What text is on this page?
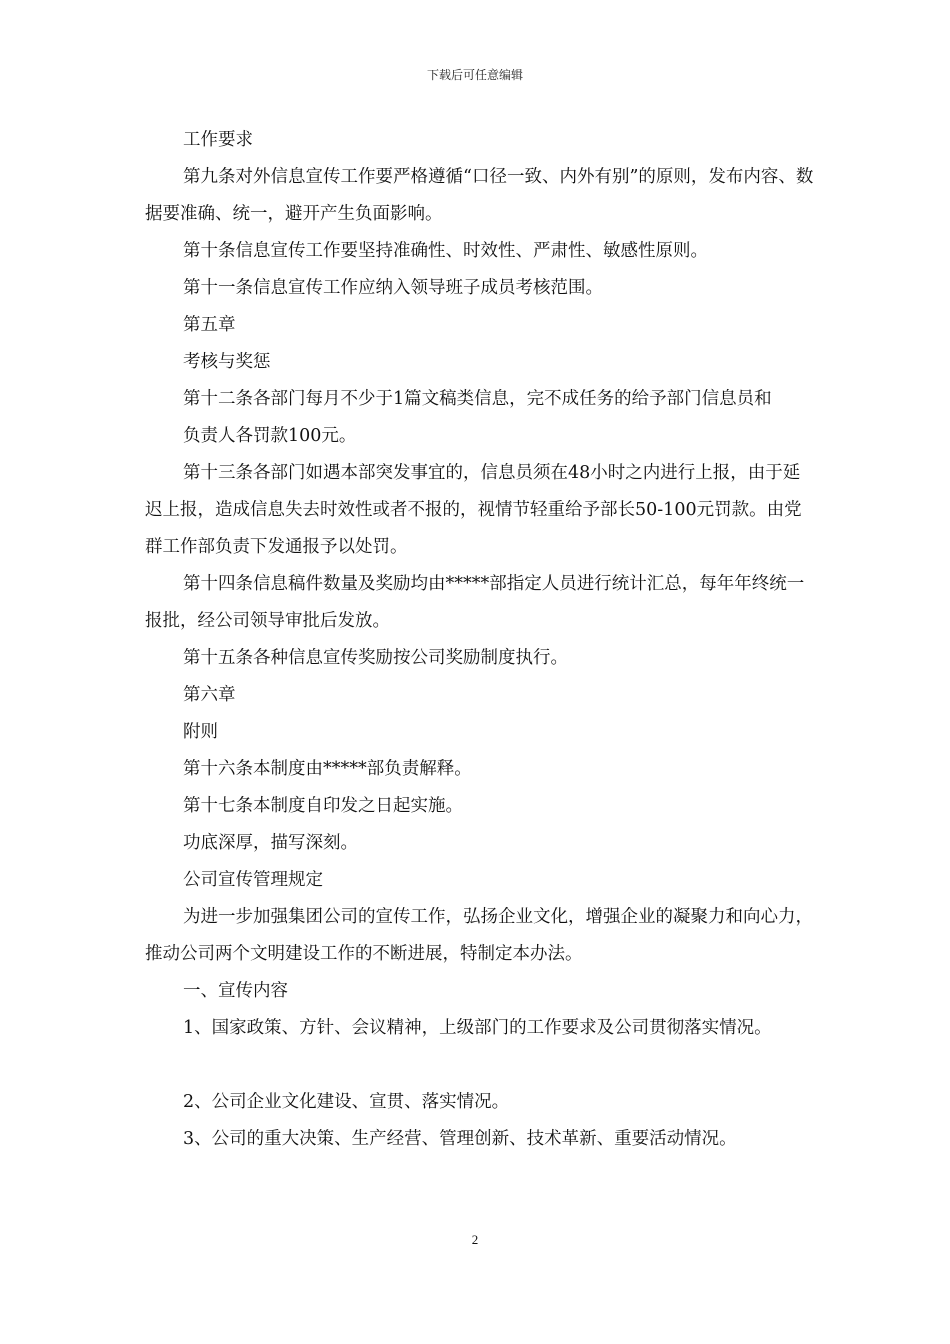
下载后可任意编辑

工作要求

第九条对外信息宣传工作要严格遵循“口径一致、内外有别”的原则，发布内容、数据要准确、统一，避开产生负面影响。

第十条信息宣传工作要坚持准确性、时效性、严肃性、敏感性原则。

第十一条信息宣传工作应纳入领导班子成员考核范围。

第五章

考核与奖惩

第十二条各部门每月不少于1篇文稿类信息，完不成任务的给予部门信息员和

负责人各罚款100元。

第十三条各部门如遇本部突发事宜的，信息员须在48小时之内进行上报，由于延迟上报，造成信息失去时效性或者不报的，视情节轻重给予部长50-100元罚款。由党群工作部负责下发通报予以处罚。

第十四条信息稿件数量及奖励均由*****部指定人员进行统计汇总，每年年终统一报批，经公司领导审批后发放。

第十五条各种信息宣传奖励按公司奖励制度执行。

第六章

附则

第十六条本制度由*****部负责解释。

第十七条本制度自印发之日起实施。

功底深厚，描写深刻。

公司宣传管理规定

为进一步加强集团公司的宣传工作，弘扬企业文化，增强企业的凝聚力和向心力，推动公司两个文明建设工作的不断进展，特制定本办法。

一、宣传内容

1、国家政策、方针、会议精神，上级部门的工作要求及公司贯彻落实情况。

2、公司企业文化建设、宣贯、落实情况。

3、公司的重大决策、生产经营、管理创新、技术革新、重要活动情况。

2
